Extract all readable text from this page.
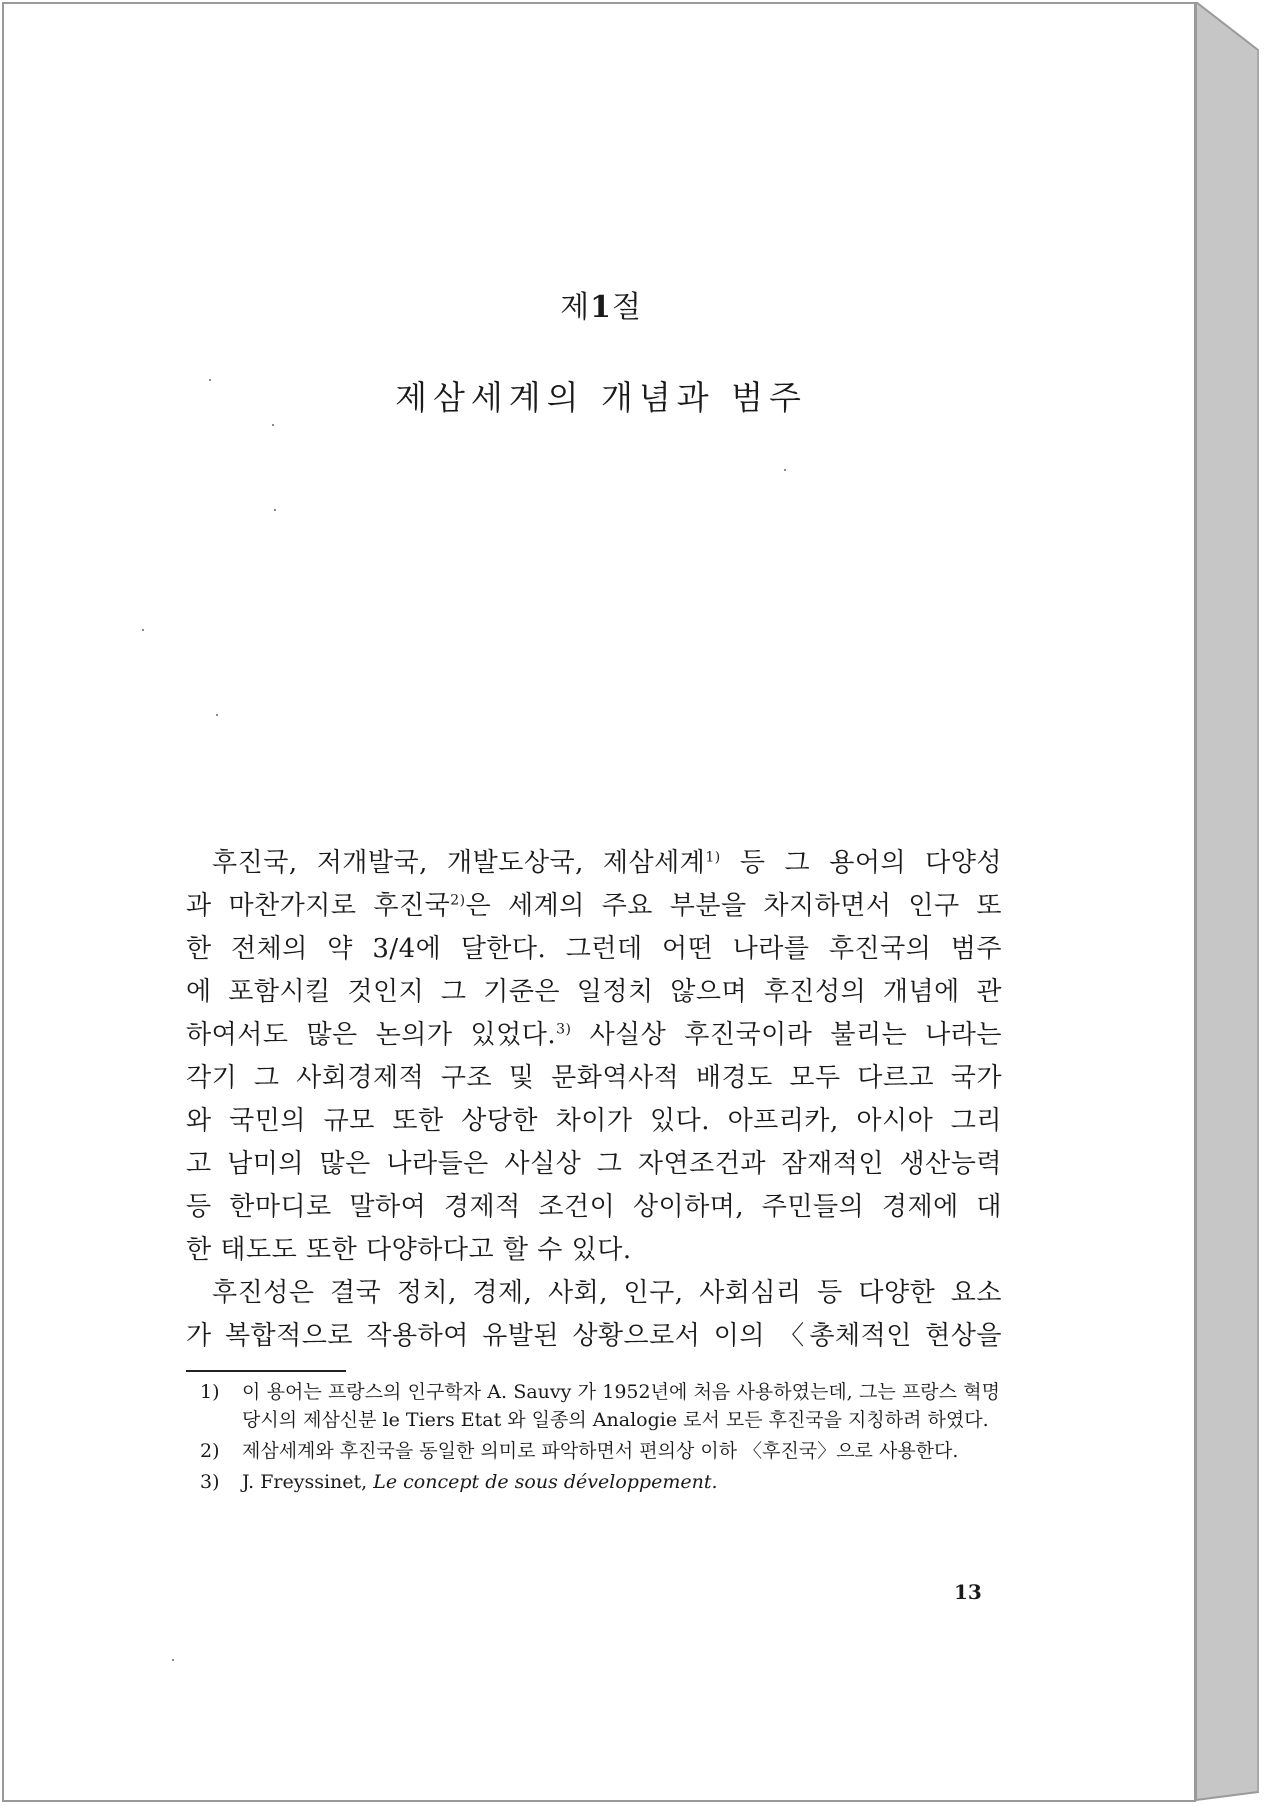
제1절
제삼세계의 개념과 범주

후진국, 저개발국, 개발도상국, 제삼세계$^{1)}$ 등 그 용어의 다양성

과 마찬가지로 후진국$^{2)}$은 세계의 주요 부분을 차지하면서 인구 또

한 전체의 약 3/4에 달한다. 그런데 어떤 나라를 후진국의 범주

에 포함시킬 것인지 그 기준은 일정치 않으며 후진성의 개념에 관

하여서도 많은 논의가 있었다.$^{3)}$ 사실상 후진국이라 불리는 나라는

각기 그 사회경제적 구조 및 문화역사적 배경도 모두 다르고 국가

와 국민의 규모 또한 상당한 차이가 있다. 아프리카, 아시아 그리

고 남미의 많은 나라들은 사실상 그 자연조건과 잠재적인 생산능력

등 한마디로 말하여 경제적 조건이 상이하며, 주민들의 경제에 대

한 태도도 또한 다양하다고 할 수 있다.

후진성은 결국 정치, 경제, 사회, 인구, 사회심리 등 다양한 요소

가 복합적으로 작용하여 유발된 상황으로서 이의 〈총체적인 현상을

1)	이 용어는 프랑스의 인구학자 A. Sauvy 가 1952년에 처음 사용하였는데, 그는 프랑스 혁명 당시의 제삼신분 le Tiers Etat 와 일종의 Analogie 로서 모든 후진국을 지칭하려 하였다.
2)	제삼세계와 후진국을 동일한 의미로 파악하면서 편의상 이하 〈후진국〉으로 사용한다.
3)	J. Freyssinet, Le concept de sous développement.
13
